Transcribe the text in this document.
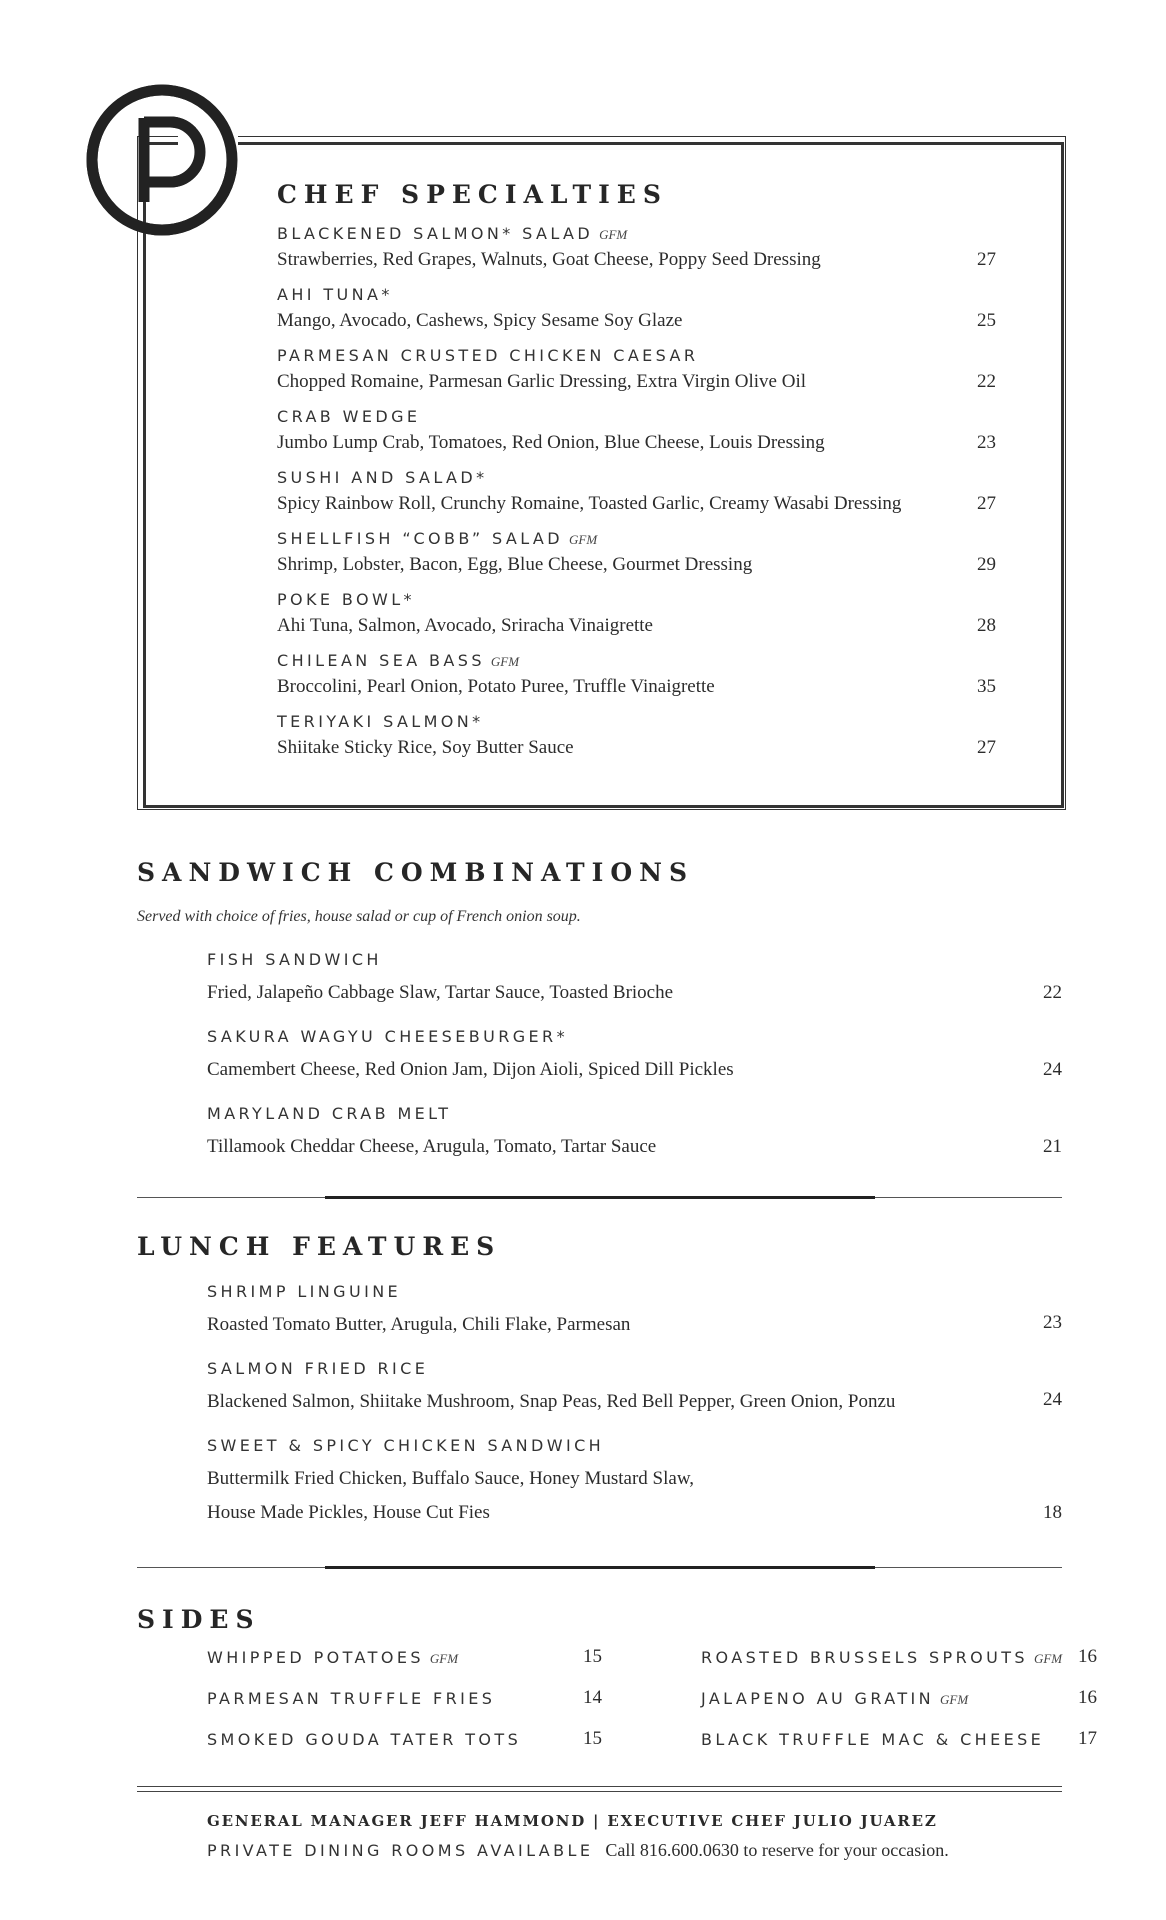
CHEF SPECIALTIES
BLACKENED SALMON* SALAD GFM
Strawberries, Red Grapes, Walnuts, Goat Cheese, Poppy Seed Dressing	27
AHI TUNA*
Mango, Avocado, Cashews, Spicy Sesame Soy Glaze	25
PARMESAN CRUSTED CHICKEN CAESAR
Chopped Romaine, Parmesan Garlic Dressing, Extra Virgin Olive Oil	22
CRAB WEDGE
Jumbo Lump Crab, Tomatoes, Red Onion, Blue Cheese, Louis Dressing	23
SUSHI AND SALAD*
Spicy Rainbow Roll, Crunchy Romaine, Toasted Garlic, Creamy Wasabi Dressing	27
SHELLFISH “COBB” SALAD GFM
Shrimp, Lobster, Bacon, Egg, Blue Cheese, Gourmet Dressing	29
POKE BOWL*
Ahi Tuna, Salmon, Avocado, Sriracha Vinaigrette	28
CHILEAN SEA BASS GFM
Broccolini, Pearl Onion, Potato Puree, Truffle Vinaigrette	35
TERIYAKI SALMON*
Shiitake Sticky Rice, Soy Butter Sauce	27
SANDWICH COMBINATIONS
Served with choice of fries, house salad or cup of French onion soup.
FISH SANDWICH
Fried, Jalapeño Cabbage Slaw, Tartar Sauce, Toasted Brioche	22
SAKURA WAGYU CHEESEBURGER*
Camembert Cheese, Red Onion Jam, Dijon Aioli, Spiced Dill Pickles	24
MARYLAND CRAB MELT
Tillamook Cheddar Cheese, Arugula, Tomato, Tartar Sauce	21
LUNCH FEATURES
SHRIMP LINGUINE
Roasted Tomato Butter, Arugula, Chili Flake, Parmesan	23
SALMON FRIED RICE
Blackened Salmon, Shiitake Mushroom, Snap Peas, Red Bell Pepper, Green Onion, Ponzu	24
SWEET & SPICY CHICKEN SANDWICH
Buttermilk Fried Chicken, Buffalo Sauce, Honey Mustard Slaw,
House Made Pickles, House Cut Fies	18
SIDES
WHIPPED POTATOES GFM	15
PARMESAN TRUFFLE FRIES	14
SMOKED GOUDA TATER TOTS	15
ROASTED BRUSSELS SPROUTS GFM 16
JALAPENO AU GRATIN GFM	16
BLACK TRUFFLE MAC & CHEESE 17
GENERAL MANAGER JEFF HAMMOND | EXECUTIVE CHEF JULIO JUAREZ
PRIVATE DINING ROOMS AVAILABLE Call 816.600.0630 to reserve for your occasion.
